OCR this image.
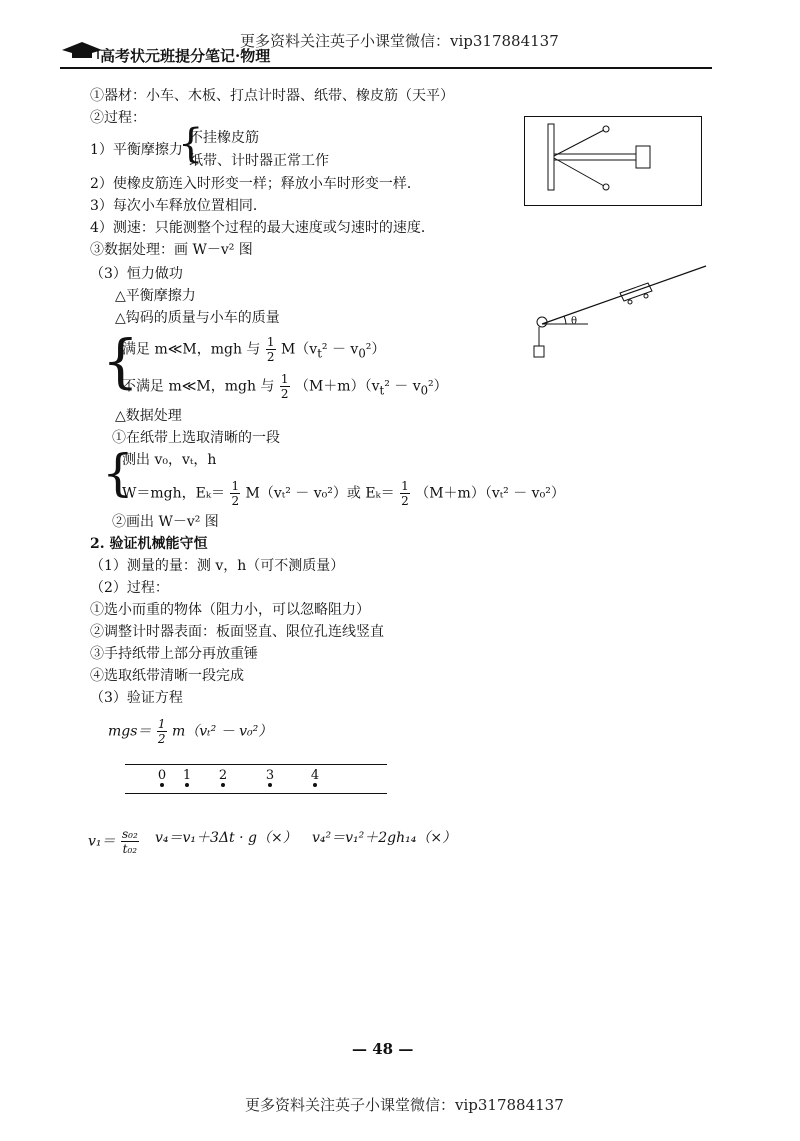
更多资料关注英子小课堂微信：vip317884137
高考状元班提分笔记·物理
①器材：小车、木板、打点计时器、纸带、橡皮筋（天平）
②过程：
1）平衡摩擦力
{
不挂橡皮筋
纸带、计时器正常工作
2）使橡皮筋连入时形变一样；释放小车时形变一样．
3）每次小车释放位置相同．
4）测速：只能测整个过程的最大速度或匀速时的速度．
③数据处理：画 W－v² 图
（3）恒力做功
△平衡摩擦力
△钩码的质量与小车的质量
{
满足 m≪M，mgh 与 $\frac{1}{2} M(v_t^2 - v_0^2)$
不满足 m≪M，mgh 与 $\frac{1}{2} (M+m)(v_t^2 - v_0^2)$
△数据处理
①在纸带上选取清晰的一段
{
测出 v₀，vₜ，h
W＝mgh，$E_k= \frac{1}{2} M(v_t^2 - v_0^2)$或 $E_k= \frac{1}{2} (M+m)(v_t^2 - v_0^2)$
②画出 W－v² 图
2. 验证机械能守恒
（1）测量的量：测 v，h（可不测质量）
（2）过程：
①选小而重的物体（阻力小，可以忽略阻力）
②调整计时器表面：板面竖直、限位孔连线竖直
③手持纸带上部分再放重锤
④选取纸带清晰一段完成
（3）验证方程
$mgs= \frac{1}{2} m(v_t^2 - v_0^2)$
$v_1= \frac{\text{s₀₂}}{\text{t₀₂}} v_4=v_1+3\Delta t \cdot g(\times)$ v₄²＝v₁²＋2gh₁₄（×）
θ
— 48 —
更多资料关注英子小课堂微信：vip317884137
0 1 2	3	4
